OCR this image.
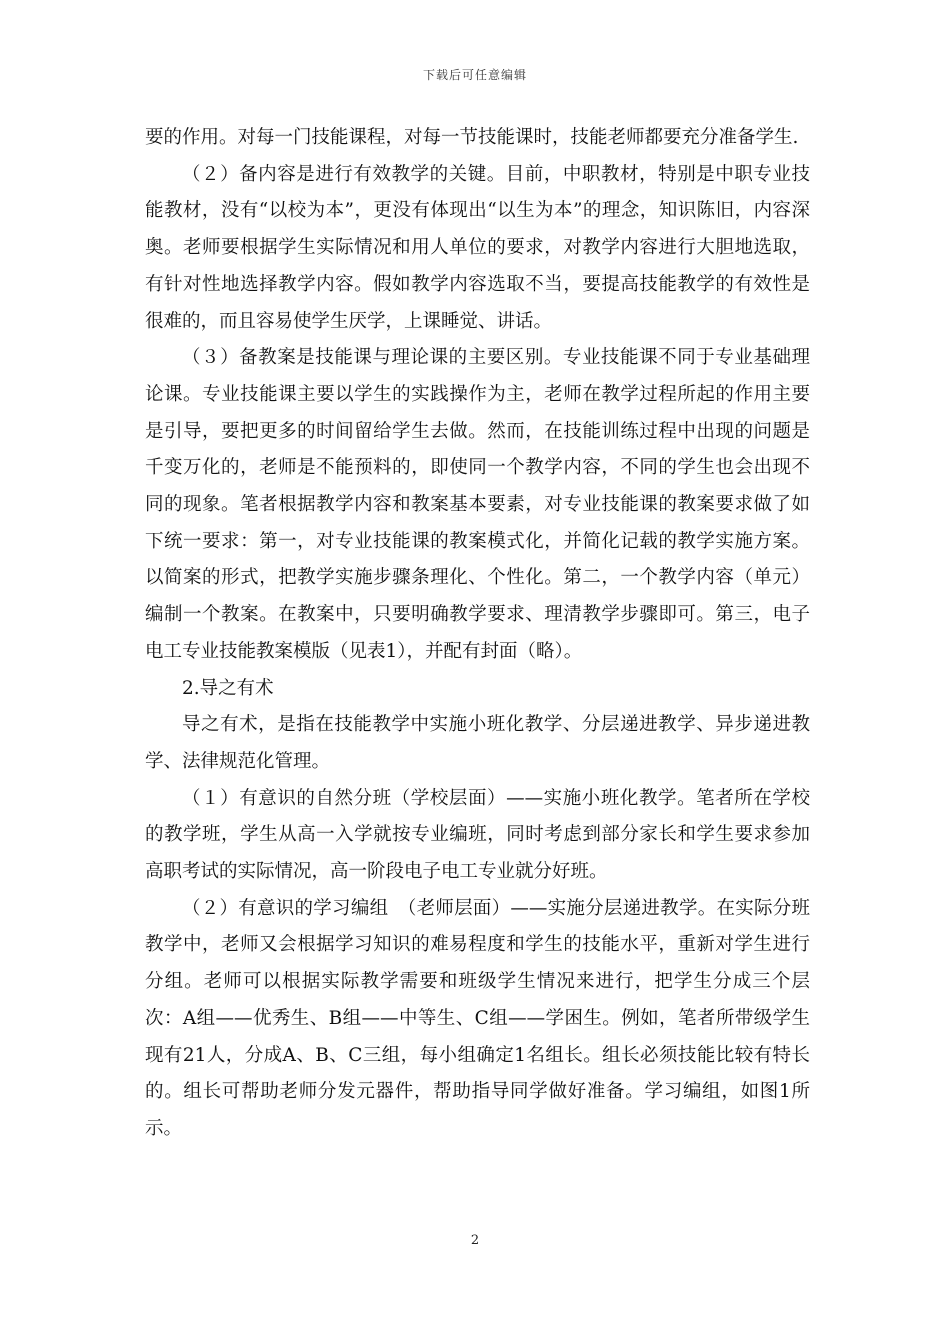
下载后可任意编辑

要的作用。对每一门技能课程，对每一节技能课时，技能老师都要充分准备学生.

（２）备内容是进行有效教学的关键。目前，中职教材，特别是中职专业技能教材，没有“以校为本”，更没有体现出“以生为本”的理念，知识陈旧，内容深奥。老师要根据学生实际情况和用人单位的要求，对教学内容进行大胆地选取，有针对性地选择教学内容。假如教学内容选取不当，要提高技能教学的有效性是很难的，而且容易使学生厌学，上课睡觉、讲话。

（３）备教案是技能课与理论课的主要区别。专业技能课不同于专业基础理论课。专业技能课主要以学生的实践操作为主，老师在教学过程所起的作用主要是引导，要把更多的时间留给学生去做。然而，在技能训练过程中出现的问题是千变万化的，老师是不能预料的，即使同一个教学内容，不同的学生也会出现不同的现象。笔者根据教学内容和教案基本要素，对专业技能课的教案要求做了如下统一要求：第一，对专业技能课的教案模式化，并简化记载的教学实施方案。以简案的形式，把教学实施步骤条理化、个性化。第二，一个教学内容（单元）编制一个教案。在教案中，只要明确教学要求、理清教学步骤即可。第三，电子电工专业技能教案模版（见表1），并配有封面（略）。

2.导之有术

导之有术，是指在技能教学中实施小班化教学、分层递进教学、异步递进教学、法律规范化管理。

（１）有意识的自然分班（学校层面）——实施小班化教学。笔者所在学校的教学班，学生从高一入学就按专业编班，同时考虑到部分家长和学生要求参加高职考试的实际情况，高一阶段电子电工专业就分好班。

（２）有意识的学习编组　（老师层面）——实施分层递进教学。在实际分班教学中，老师又会根据学习知识的难易程度和学生的技能水平，重新对学生进行分组。老师可以根据实际教学需要和班级学生情况来进行，把学生分成三个层次：A组——优秀生、B组——中等生、C组——学困生。例如，笔者所带级学生现有21人，分成A、B、C三组，每小组确定1名组长。组长必须技能比较有特长的。组长可帮助老师分发元器件，帮助指导同学做好准备。学习编组，如图1所示。

2
